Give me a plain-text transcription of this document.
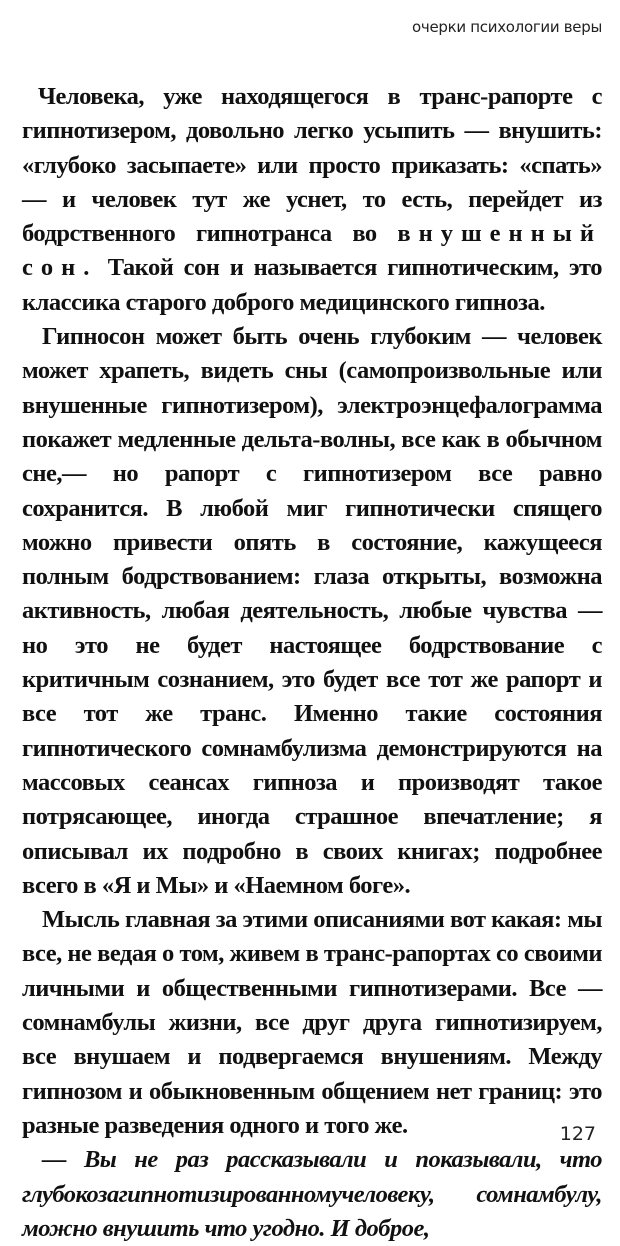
очерки психологии веры

Человека, уже находящегося в транс-рапорте с гипнотизером, довольно легко усыпить — внушить: «глубоко засыпаете» или просто приказать: «спать» — и человек тут же уснет, то есть, перейдет из бодрственного гипнотранса во внушенный сон. Такой сон и называется гипнотическим, это классика старого доброго медицинского гипноза.

Гипносон может быть очень глубоким — человек может храпеть, видеть сны (самопроизвольные или внушенные гипнотизером), электроэнцефалограмма покажет медленные дельта-волны, все как в обычном сне,— но рапорт с гипнотизером все равно сохранится. В любой миг гипнотически спящего можно привести опять в состояние, кажущееся полным бодрствованием: глаза открыты, возможна активность, любая деятельность, любые чувства — но это не будет настоящее бодрствование с критичным сознанием, это будет все тот же рапорт и все тот же транс. Именно такие состояния гипнотического сомнамбулизма демонстрируются на массовых сеансах гипноза и производят такое потрясающее, иногда страшное впечатление; я описывал их подробно в своих книгах; подробнее всего в «Я и Мы» и «Наемном боге».

Мысль главная за этими описаниями вот какая: мы все, не ведая о том, живем в транс-рапортах со своими личными и общественными гипнотизерами. Все — сомнамбулы жизни, все друг друга гипнотизируем, все внушаем и подвергаемся внушениям. Между гипнозом и обыкновенным общением нет границ: это разные разведения одного и того же.

— Вы не раз рассказывали и показывали, что глубокозагипнотизированномучеловеку, сомнамбулу, можно внушить что угодно. И доброе,

127
